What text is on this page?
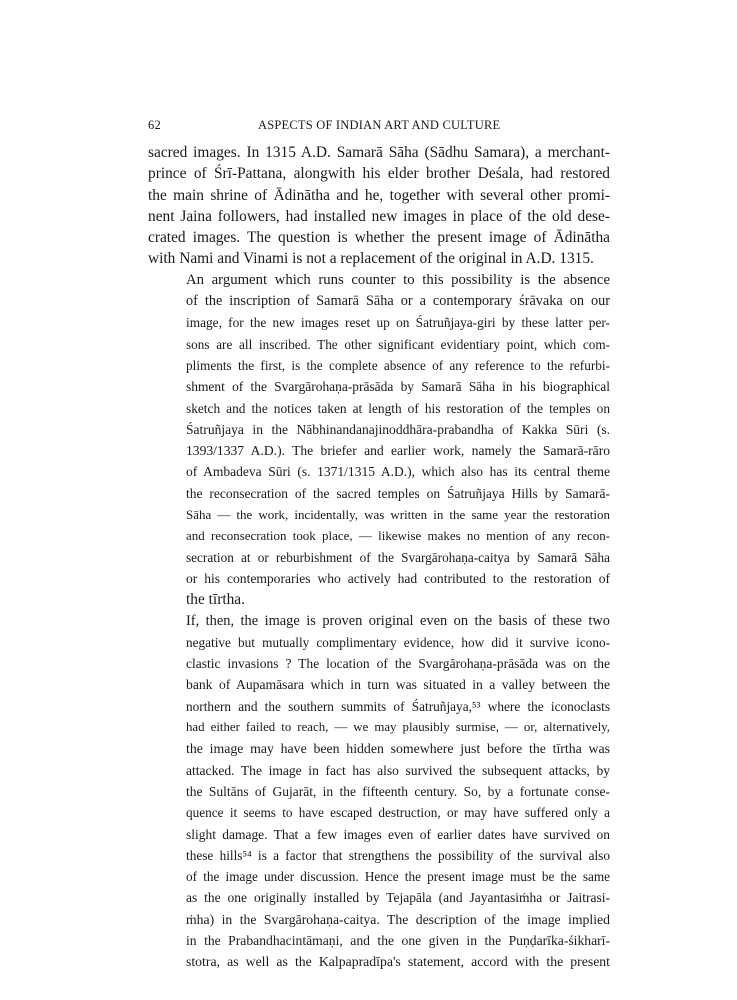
62	ASPECTS OF INDIAN ART AND CULTURE

sacred images. In 1315 A.D. Samarā Sāha (Sādhu Samara), a merchant-
prince of Śrī-Pattana, alongwith his elder brother Deśala, had restored
the main shrine of Ādinātha and he, together with several other promi-
nent Jaina followers, had installed new images in place of the old dese-
crated images. The question is whether the present image of Ādinātha
with Nami and Vinami is not a replacement of the original in A.D. 1315.

An argument which runs counter to this possibility is the absence
of the inscription of Samarā Sāha or a contemporary śrāvaka on our
image, for the new images reset up on Śatruñjaya-giri by these latter per-
sons are all inscribed. The other significant evidentiary point, which com-
pliments the first, is the complete absence of any reference to the refurbi-
shment of the Svargārohaṇa-prāsāda by Samarā Sāha in his biographical
sketch and the notices taken at length of his restoration of the temples on
Śatruñjaya in the Nābhinandanajinoddhāra-prabandha of Kakka Sūri (s.
1393/1337 A.D.). The briefer and earlier work, namely the Samarā-rāro
of Ambadeva Sūri (s. 1371/1315 A.D.), which also has its central theme
the reconsecration of the sacred temples on Śatruñjaya Hills by Samarā-
Sāha — the work, incidentally, was written in the same year the restoration
and reconsecration took place, — likewise makes no mention of any recon-
secration at or reburbishment of the Svargārohaṇa-caitya by Samarā Sāha
or his contemporaries who actively had contributed to the restoration of
the tīrtha.

If, then, the image is proven original even on the basis of these two
negative but mutually complimentary evidence, how did it survive icono-
clastic invasions ? The location of the Svargārohaṇa-prāsāda was on the
bank of Aupamāsara which in turn was situated in a valley between the
northern and the southern summits of Śatruñjaya,⁵³ where the iconoclasts
had either failed to reach, — we may plausibly surmise, — or, alternatively,
the image may have been hidden somewhere just before the tīrtha was
attacked. The image in fact has also survived the subsequent attacks, by
the Sultāns of Gujarāt, in the fifteenth century. So, by a fortunate conse-
quence it seems to have escaped destruction, or may have suffered only a
slight damage. That a few images even of earlier dates have survived on
these hills⁵⁴ is a factor that strengthens the possibility of the survival also
of the image under discussion. Hence the present image must be the same
as the one originally installed by Tejapāla (and Jayantasiṁha or Jaitrasi-
ṁha) in the Svargārohaṇa-caitya. The description of the image implied
in the Prabandhacintāmaṇi, and the one given in the Puṇḍarīka-śikharī-
stotra, as well as the Kalpapradīpa's statement, accord with the present
